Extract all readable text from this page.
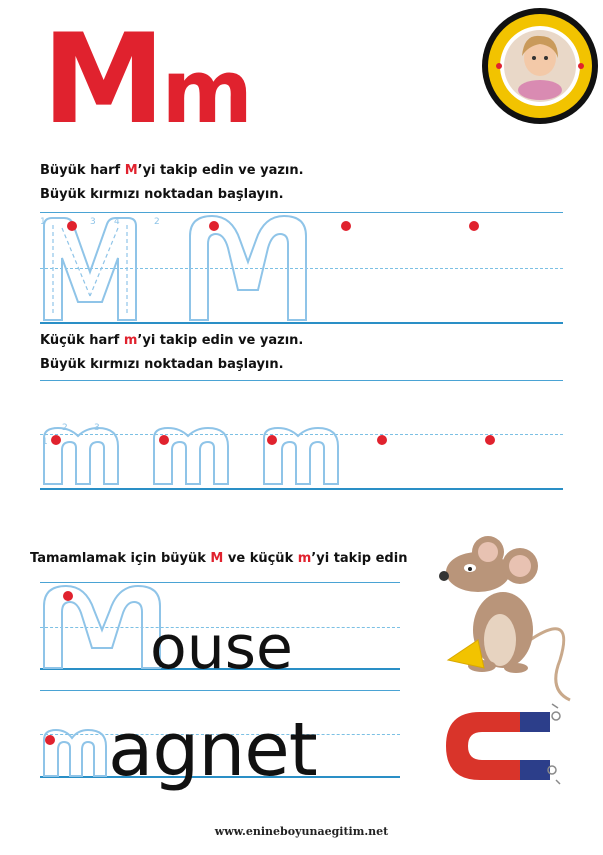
Mm
Büyük harf M’yi takip edin ve yazın.
Büyük kırmızı noktadan başlayın.
Küçük harf m’yi takip edin ve yazın.
Büyük kırmızı noktadan başlayın.
Tamamlamak için büyük M ve küçük m’yi takip edin
1	3 4	2
1
2	3
ouse
agnet
www.enineboyunaegitim.net
